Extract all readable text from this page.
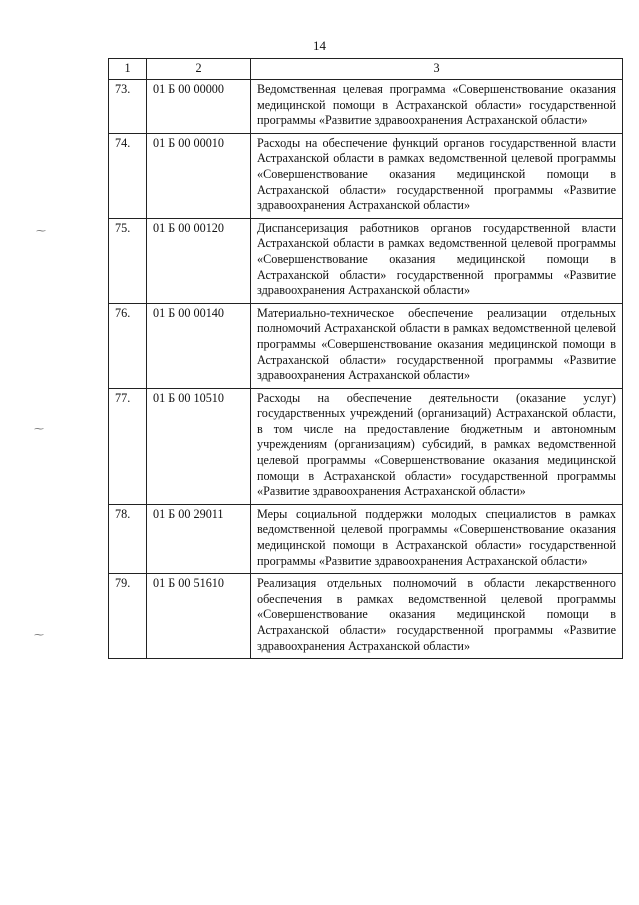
14
1	2	3
73.	01 Б 00 00000	Ведомственная целевая программа «Совершенствование оказания медицинской помощи в Астраханской области» государственной программы «Развитие здравоохранения Астраханской области»
74.	01 Б 00 00010	Расходы на обеспечение функций органов государственной власти Астраханской области в рамках ведомственной целевой программы «Совершенствование оказания медицинской помощи в Астраханской области» государственной программы «Развитие здравоохранения Астраханской области»
75.	01 Б 00 00120	Диспансеризация работников органов государственной власти Астраханской области в рамках ведомственной целевой программы «Совершенствование оказания медицинской помощи в Астраханской области» государственной программы «Развитие здравоохранения Астраханской области»
76.	01 Б 00 00140	Материально-техническое обеспечение реализации отдельных полномочий Астраханской области в рамках ведомственной целевой программы «Совершенствование оказания медицинской помощи в Астраханской области» государственной программы «Развитие здравоохранения Астраханской области»
77.	01 Б 00 10510	Расходы на обеспечение деятельности (оказание услуг) государственных учреждений (организаций) Астраханской области, в том числе на предоставление бюджетным и автономным учреждениям (организациям) субсидий, в рамках ведомственной целевой программы «Совершенствование оказания медицинской помощи в Астраханской области» государственной программы «Развитие здравоохранения Астраханской области»
78.	01 Б 00 29011	Меры социальной поддержки молодых специалистов в рамках ведомственной целевой программы «Совершенствование оказания медицинской помощи в Астраханской области» государственной программы «Развитие здравоохранения Астраханской области»
79.	01 Б 00 51610	Реализация отдельных полномочий в области лекарственного обеспечения в рамках ведомственной целевой программы «Совершенствование оказания медицинской помощи в Астраханской области» государственной программы «Развитие здравоохранения Астраханской области»
⁓
⁓
⁓
